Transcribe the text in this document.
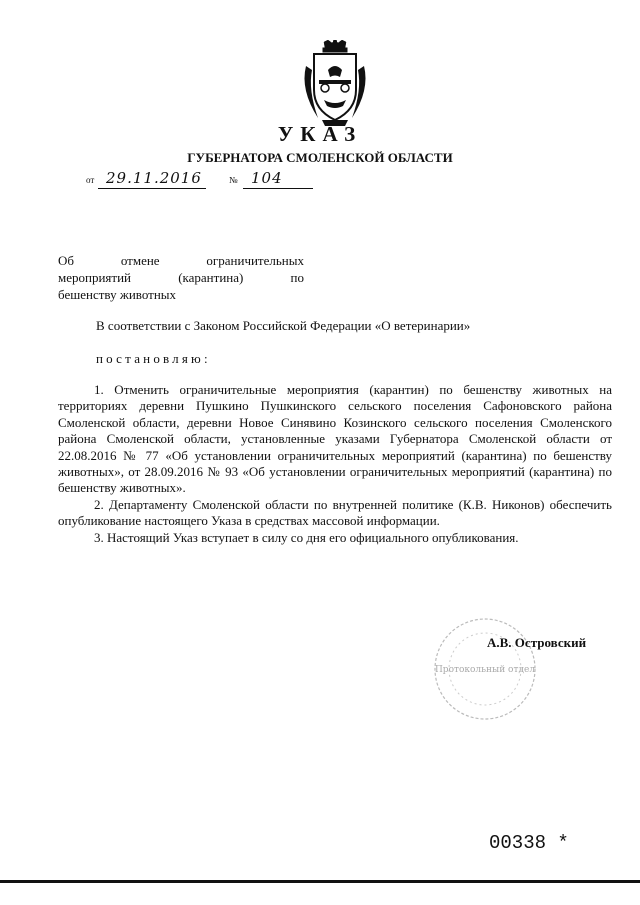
УКАЗ
ГУБЕРНАТОРА СМОЛЕНСКОЙ ОБЛАСТИ
от 29.11.2016	№ 104
Об отмене ограничительных
мероприятий (карантина) по
бешенству животных
В соответствии с Законом Российской Федерации «О ветеринарии»
постановляю:

1. Отменить ограничительные мероприятия (карантин) по бешенству животных на территориях деревни Пушкино Пушкинского сельского поселения Сафоновского района Смоленской области, деревни Новое Синявино Козинского сельского поселения Смоленского района Смоленской области, установленные указами Губернатора Смоленской области от 22.08.2016 № 77 «Об установлении ограничительных мероприятий (карантина) по бешенству животных», от 28.09.2016 № 93 «Об установлении ограничительных мероприятий (карантина) по бешенству животных».

2. Департаменту Смоленской области по внутренней политике (К.В. Никонов) обеспечить опубликование настоящего Указа в средствах массовой информации.

3. Настоящий Указ вступает в силу со дня его официального опубликования.

Протокольный отдел
А.В. Островский
00338 *
